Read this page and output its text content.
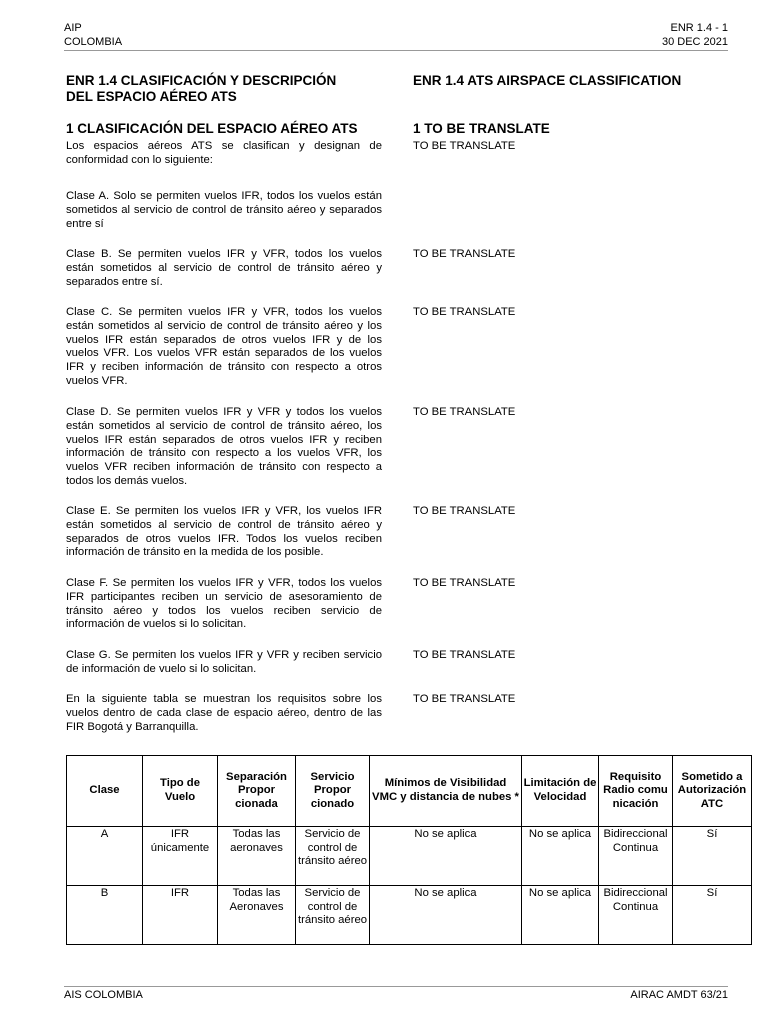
AIP
COLOMBIA
ENR 1.4 - 1
30 DEC 2021
ENR 1.4 CLASIFICACIÓN Y DESCRIPCIÓN DEL ESPACIO AÉREO ATS
ENR 1.4 ATS AIRSPACE CLASSIFICATION
1 CLASIFICACIÓN DEL ESPACIO AÉREO ATS	1 TO BE TRANSLATE
Los espacios aéreos ATS se clasifican y designan de conformidad con lo siguiente:
Clase A. Solo se permiten vuelos IFR, todos los vuelos están sometidos al servicio de control de tránsito aéreo y separados entre sí
Clase B. Se permiten vuelos IFR y VFR, todos los vuelos están sometidos al servicio de control de tránsito aéreo y separados entre sí.
Clase C. Se permiten vuelos IFR y VFR, todos los vuelos están sometidos al servicio de control de tránsito aéreo y los vuelos IFR están separados de otros vuelos IFR y de los vuelos VFR. Los vuelos VFR están separados de los vuelos IFR y reciben información de tránsito con respecto a otros vuelos VFR.
Clase D. Se permiten vuelos IFR y VFR y todos los vuelos están sometidos al servicio de control de tránsito aéreo, los vuelos IFR están separados de otros vuelos IFR y reciben información de tránsito con respecto a los vuelos VFR, los vuelos VFR reciben información de tránsito con respecto a todos los demás vuelos.
Clase E. Se permiten los vuelos IFR y VFR, los vuelos IFR están sometidos al servicio de control de tránsito aéreo y separados de otros vuelos IFR. Todos los vuelos reciben información de tránsito en la medida de los posible.
Clase F. Se permiten los vuelos IFR y VFR, todos los vuelos IFR participantes reciben un servicio de asesoramiento de tránsito aéreo y todos los vuelos reciben servicio de información de vuelos si lo solicitan.
Clase G. Se permiten los vuelos IFR y VFR y reciben servicio de información de vuelo si lo solicitan.
En la siguiente tabla se muestran los requisitos sobre los vuelos dentro de cada clase de espacio aéreo, dentro de las FIR Bogotá y Barranquilla.
TO BE TRANSLATE
TO BE TRANSLATE
TO BE TRANSLATE
TO BE TRANSLATE
TO BE TRANSLATE
TO BE TRANSLATE
TO BE TRANSLATE
TO BE TRANSLATE
Clase	Tipo de Vuelo	Separación Propor cionada	Servicio Propor cionado	Mínimos de Visibilidad VMC y distancia de nubes *	Limitación de Velocidad	Requisito Radio comu nicación	Sometido a Autorización ATC
A	IFR únicamente	Todas las aeronaves	Servicio de control de tránsito aéreo	No se aplica	No se aplica	Bidireccional Continua	Sí
B	IFR	Todas las Aeronaves	Servicio de control de tránsito aéreo	No se aplica	No se aplica	Bidireccional Continua	Sí
AIS COLOMBIA	AIRAC AMDT 63/21
